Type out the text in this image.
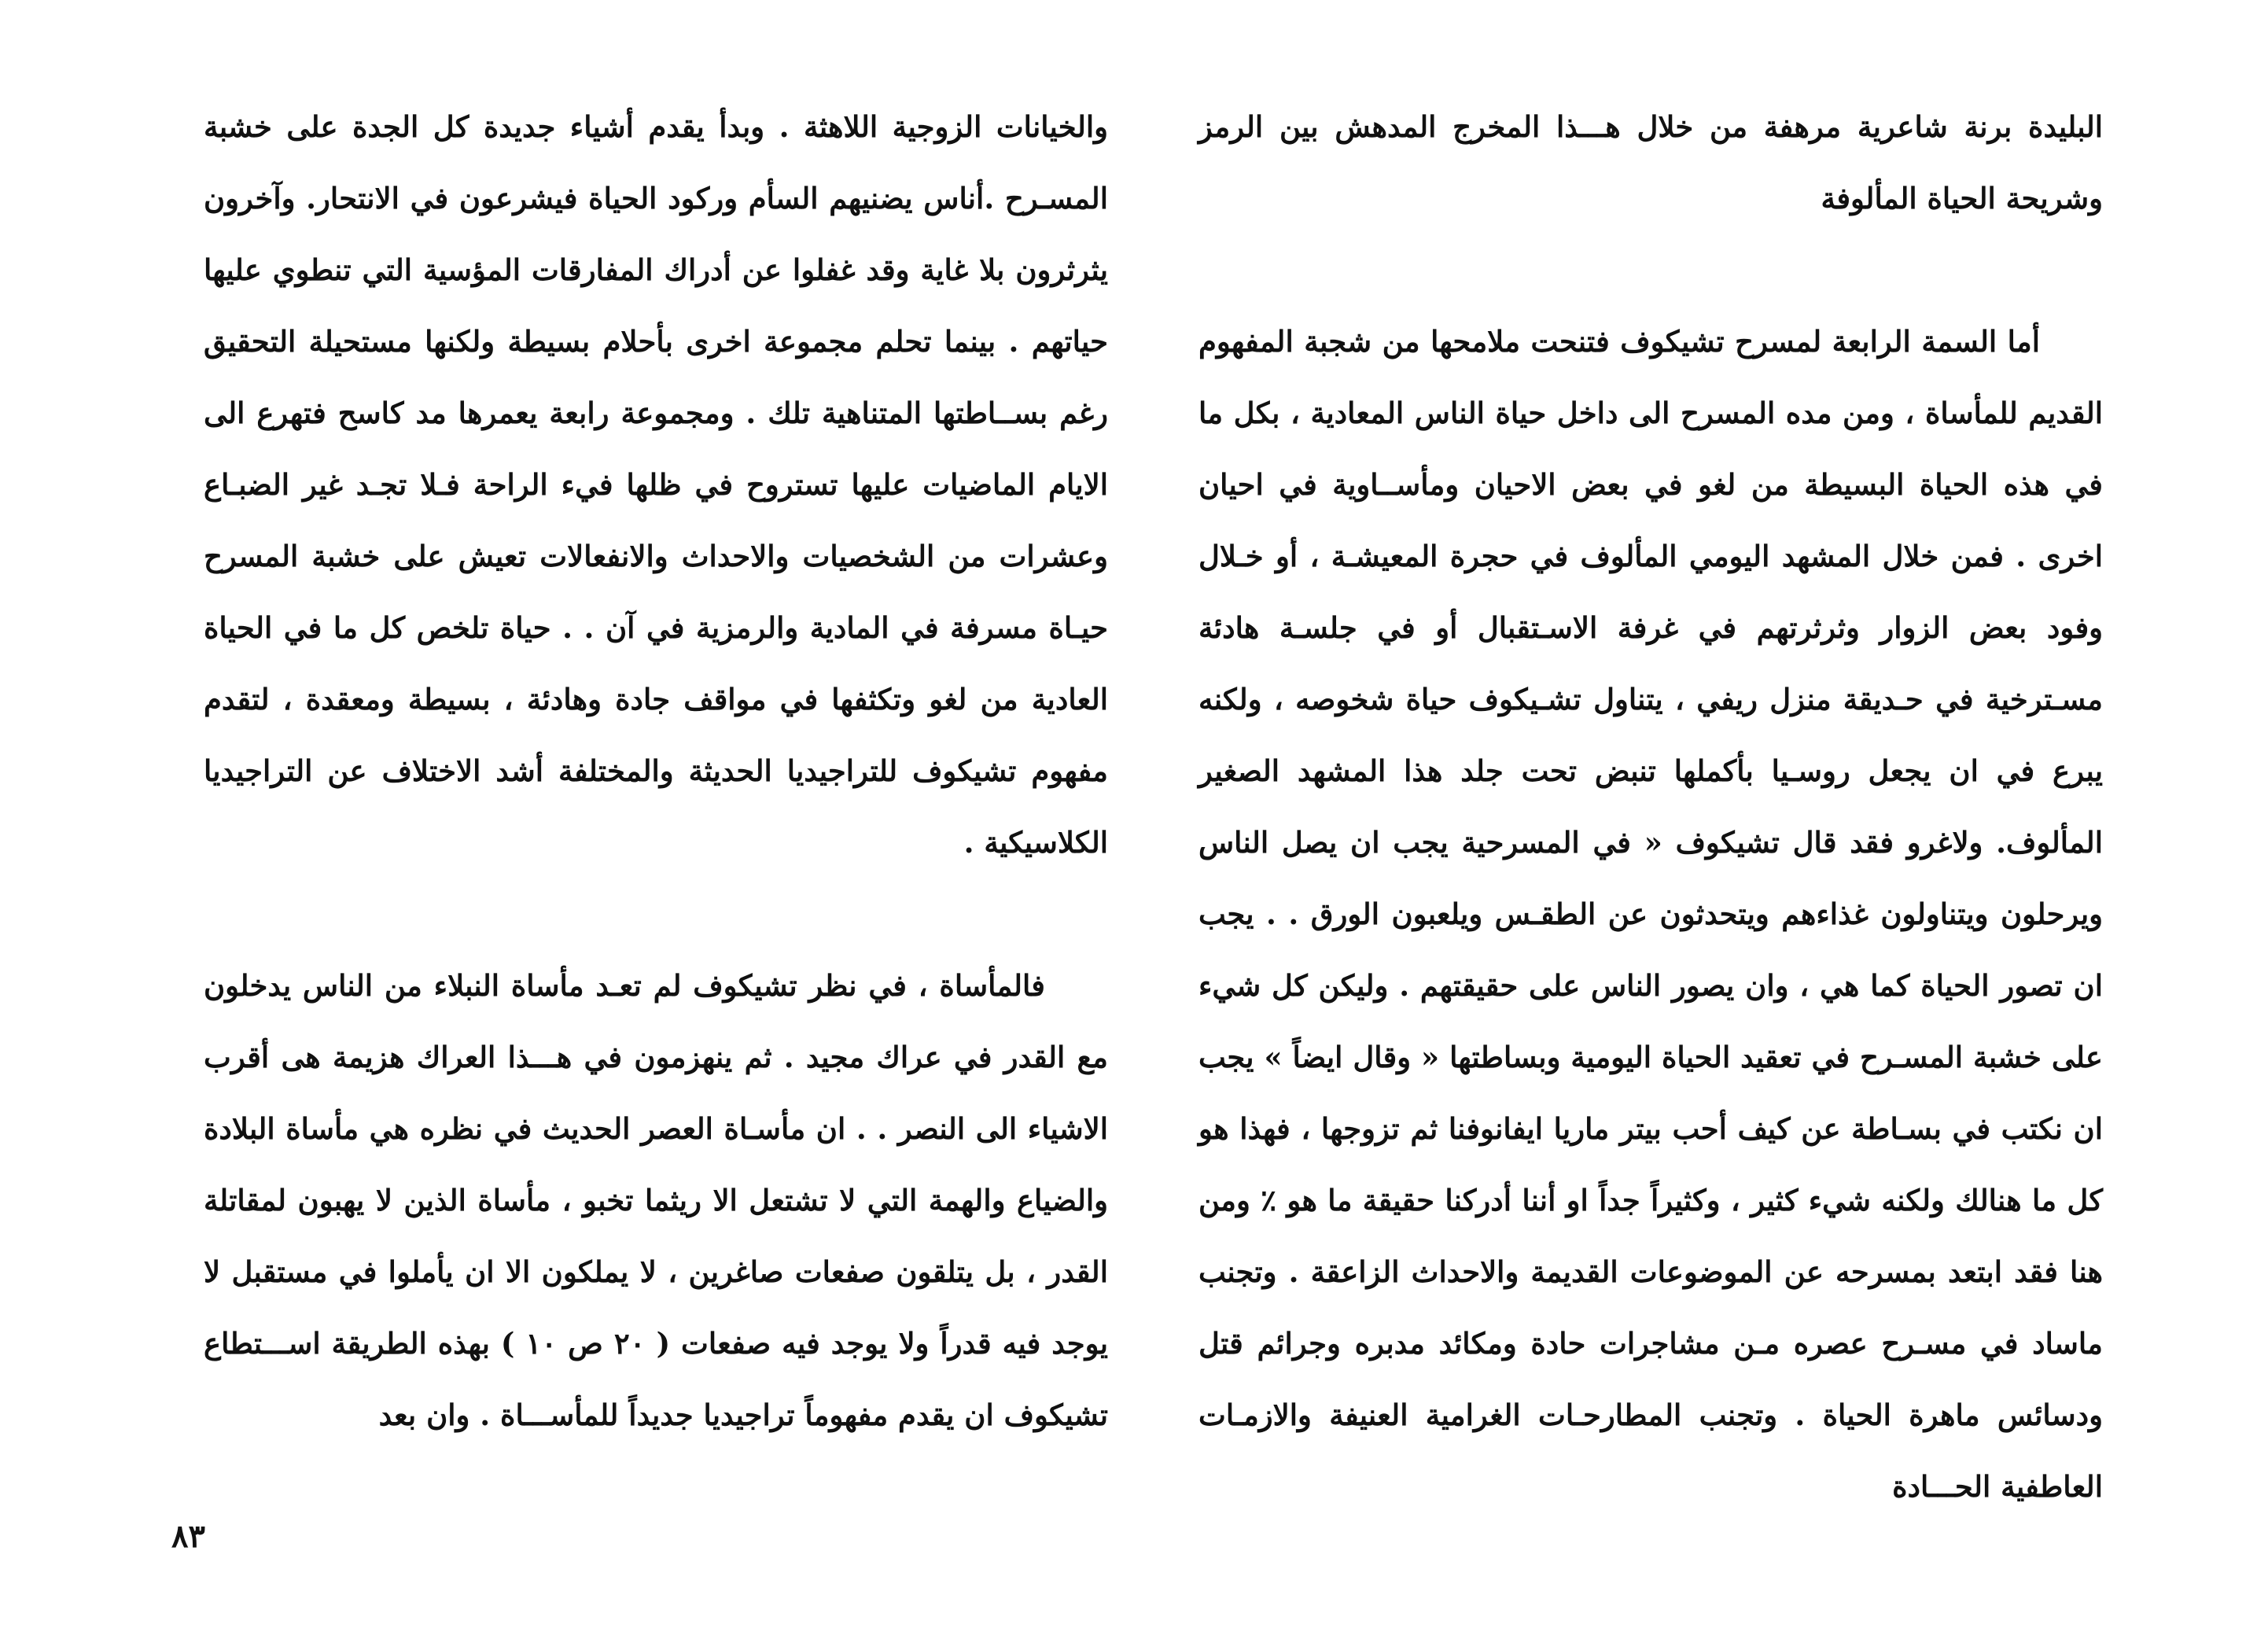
البليدة برنة شاعرية مرهفة من خلال هـــذا المخرج المدهش بين الرمز وشريحة الحياة المألوفة

أما السمة الرابعة لمسرح تشيكوف فتنحت ملامحها من شجبة المفهوم القديم للمأساة ، ومن مده المسرح الى داخل حياة الناس المعادية ، بكل ما في هذه الحياة البسيطة من لغو في بعض الاحيان ومأســاوية في احيان اخرى . فمن خلال المشهد اليومي المألوف في حجرة المعيشـة ، أو خـلال وفود بعض الزوار وثرثرتهم في غرفة الاسـتقبال أو في جلسـة هادئة مسـترخية في حـديقة منزل ريفي ، يتناول تشـيكوف حياة شخوصه ، ولكنه يبرع في ان يجعل روسـيا بأكملها تنبض تحت جلد هذا المشهد الصغير المألوف. ولاغرو فقد قال تشيكوف « في المسرحية يجب ان يصل الناس ويرحلون ويتناولون غذاءهم ويتحدثون عن الطقـس ويلعبون الورق . . يجب ان تصور الحياة كما هي ، وان يصور الناس على حقيقتهم . وليكن كل شيء على خشبة المسـرح في تعقيد الحياة اليومية وبساطتها « وقال ايضاً » يجب ان نكتب في بسـاطة عن كيف أحب بيتر ماريا ايفانوفنا ثم تزوجها ، فهذا هو كل ما هنالك ولكنه شيء كثير ، وكثيراً جداً او أننا أدركنا حقيقة ما هو ٪ ومن هنا فقد ابتعد بمسرحه عن الموضوعات القديمة والاحداث الزاعقة . وتجنب ماساد في مسـرح عصره مـن مشاجرات حادة ومكائد مدبره وجرائم قتل ودسائس ماهرة الحياة . وتجنب المطارحـات الغرامية العنيفة والازمـات العاطفية الحـــادة

والخيانات الزوجية اللاهثة . وبدأ يقدم أشياء جديدة كل الجدة على خشبة المسـرح .أناس يضنيهم السأم وركود الحياة فيشرعون في الانتحار. وآخرون يثرثرون بلا غاية وقد غفلوا عن أدراك المفارقات المؤسية التي تنطوي عليها حياتهم . بينما تحلم مجموعة اخرى بأحلام بسيطة ولكنها مستحيلة التحقيق رغم بســاطتها المتناهية تلك . ومجموعة رابعة يعمرها مد كاسح فتهرع الى الايام الماضيات عليها تستروح في ظلها فيء الراحة فـلا تجـد غير الضبـاع وعشرات من الشخصيات والاحداث والانفعالات تعيش على خشبة المسرح حيـاة مسرفة في المادية والرمزية في آن . . حياة تلخص كل ما في الحياة العادية من لغو وتكثفها في مواقف جادة وهادئة ، بسيطة ومعقدة ، لتقدم مفهوم تشيكوف للتراجيديا الحديثة والمختلفة أشد الاختلاف عن التراجيديا الكلاسيكية .

فالمأساة ، في نظر تشيكوف لم تعـد مأساة النبلاء من الناس يدخلون مع القدر في عراك مجيد . ثم ينهزمون في هـــذا العراك هزيمة هى أقرب الاشياء الى النصر . . ان مأسـاة العصر الحديث في نظره هي مأساة البلادة والضياع والهمة التي لا تشتعل الا ريثما تخبو ، مأساة الذين لا يهبون لمقاتلة القدر ، بل يتلقون صفعات صاغرين ، لا يملكون الا ان يأملوا في مستقبل لا يوجد فيه قدراً ولا يوجد فيه صفعات ( ٢٠ ص ١٠ ) بهذه الطريقة اســـتطاع تشيكوف ان يقدم مفهوماً تراجيديا جديداً للمأســـاة . وان بعد

٨٣
